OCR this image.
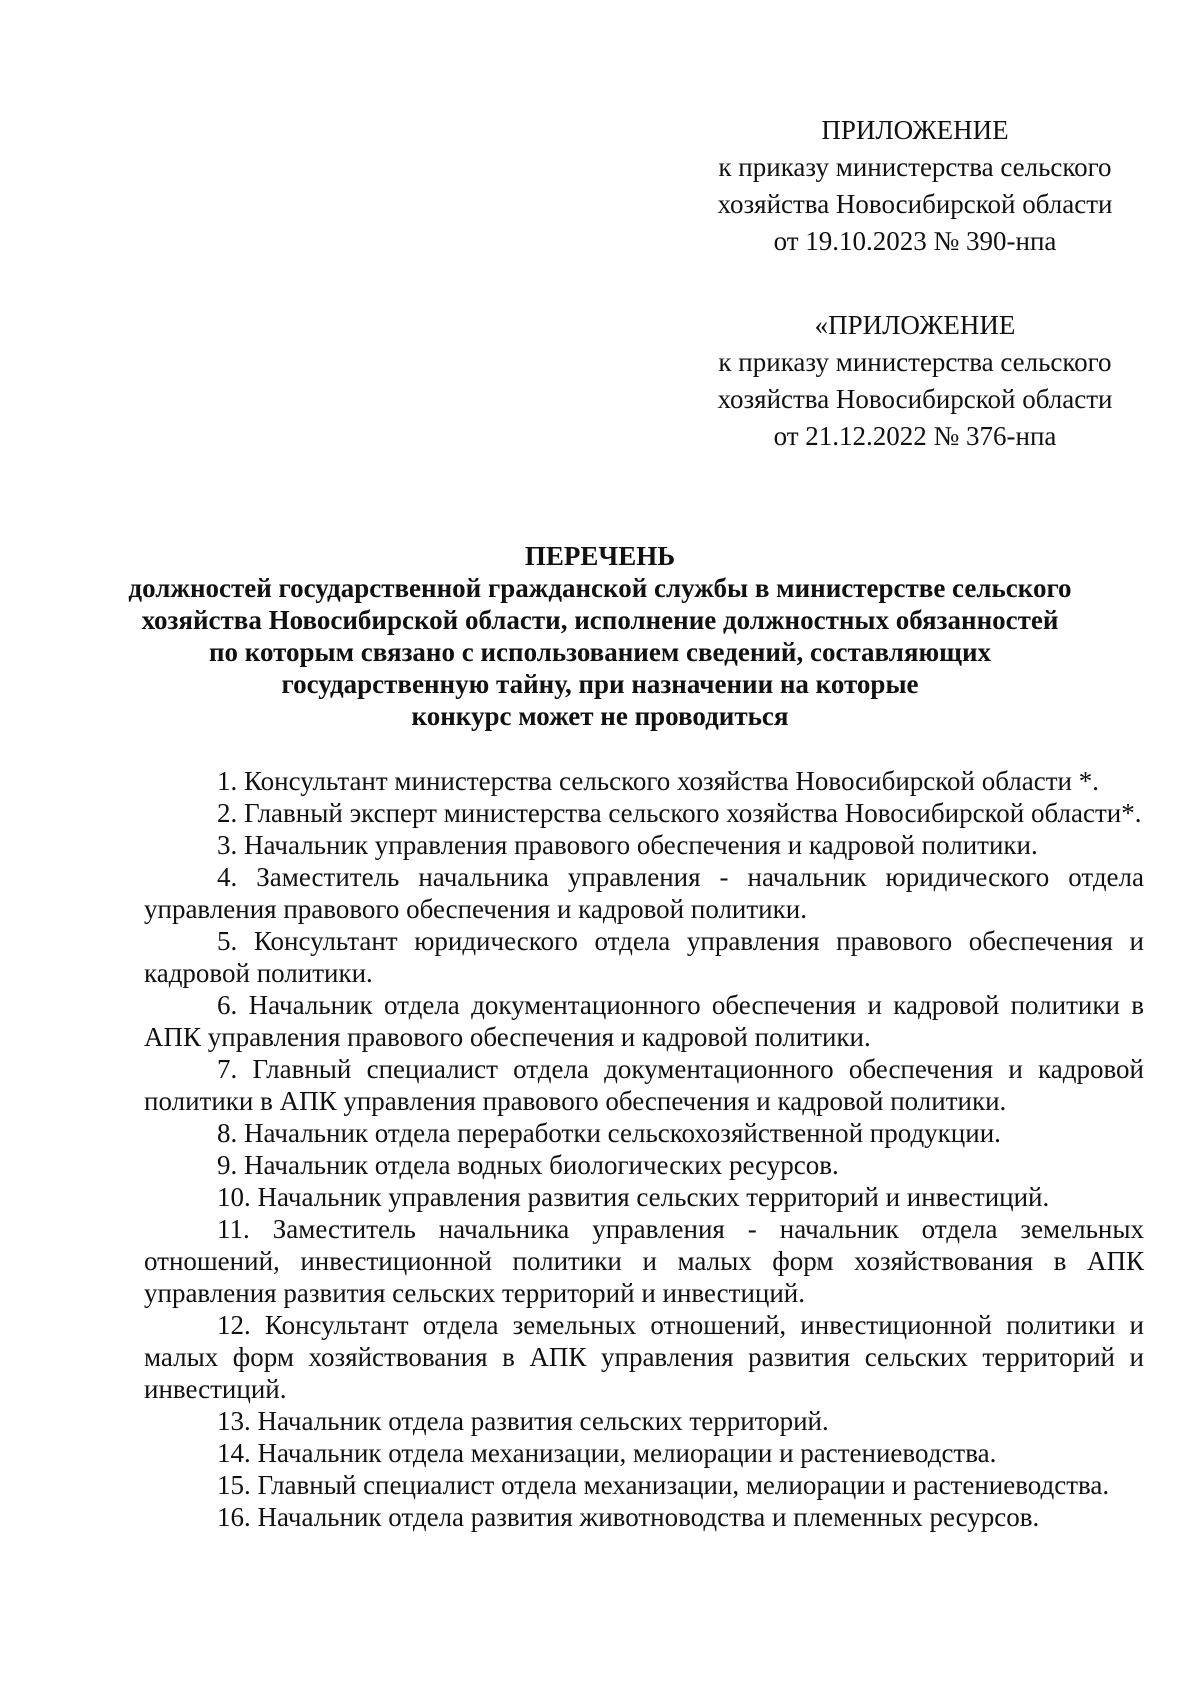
ПРИЛОЖЕНИЕ
к приказу министерства сельского
хозяйства Новосибирской области
от 19.10.2023 № 390-нпа
«ПРИЛОЖЕНИЕ
к приказу министерства сельского
хозяйства Новосибирской области
от 21.12.2022 № 376-нпа
ПЕРЕЧЕНЬ
должностей государственной гражданской службы в министерстве сельского
хозяйства Новосибирской области, исполнение должностных обязанностей
по которым связано с использованием сведений, составляющих
государственную тайну, при назначении на которые
конкурс может не проводиться

1. Консультант министерства сельского хозяйства Новосибирской области *.

2. Главный эксперт министерства сельского хозяйства Новосибирской области*.

3. Начальник управления правового обеспечения и кадровой политики.

4. Заместитель начальника управления - начальник юридического отдела управления правового обеспечения и кадровой политики.

5. Консультант юридического отдела управления правового обеспечения и кадровой политики.

6. Начальник отдела документационного обеспечения и кадровой политики в АПК управления правового обеспечения и кадровой политики.

7. Главный специалист отдела документационного обеспечения и кадровой политики в АПК управления правового обеспечения и кадровой политики.

8. Начальник отдела переработки сельскохозяйственной продукции.

9. Начальник отдела водных биологических ресурсов.

10. Начальник управления развития сельских территорий и инвестиций.

11. Заместитель начальника управления - начальник отдела земельных отношений, инвестиционной политики и малых форм хозяйствования в АПК управления развития сельских территорий и инвестиций.

12. Консультант отдела земельных отношений, инвестиционной политики и малых форм хозяйствования в АПК управления развития сельских территорий и инвестиций.

13. Начальник отдела развития сельских территорий.

14. Начальник отдела механизации, мелиорации и растениеводства.

15. Главный специалист отдела механизации, мелиорации и растениеводства.

16. Начальник отдела развития животноводства и племенных ресурсов.
